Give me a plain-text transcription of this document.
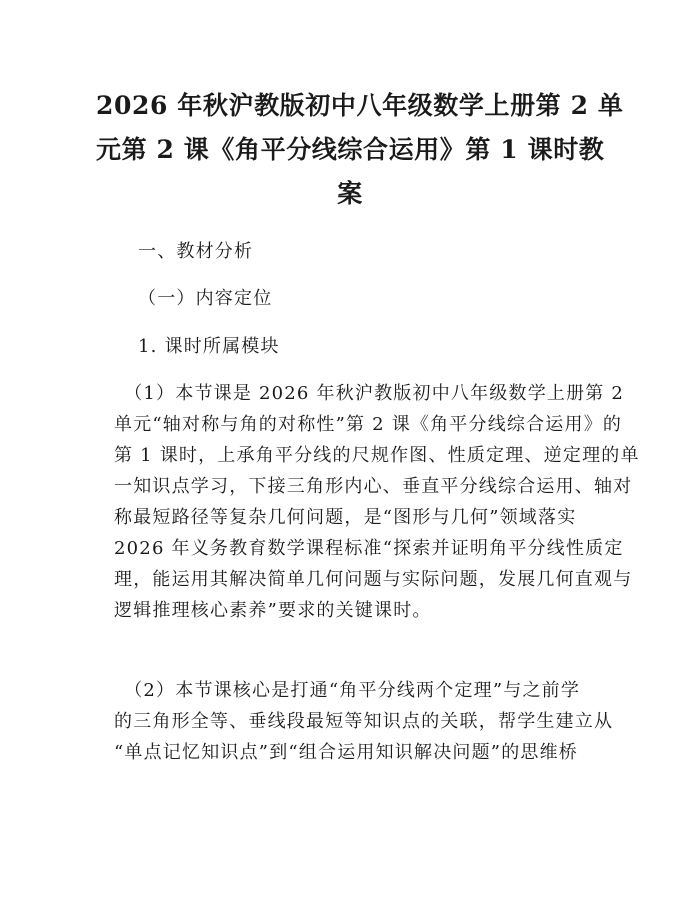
2026 年秋沪教版初中八年级数学上册第 2 单
元第 2 课《角平分线综合运用》第 1 课时教
案

一、教材分析

（一）内容定位

1. 课时所属模块

　（1）本节课是 2026 年秋沪教版初中八年级数学上册第 2
单元“轴对称与角的对称性”第 2 课《角平分线综合运用》的
第 1 课时，上承角平分线的尺规作图、性质定理、逆定理的单
一知识点学习，下接三角形内心、垂直平分线综合运用、轴对
称最短路径等复杂几何问题，是“图形与几何”领域落实
2026 年义务教育数学课程标准“探索并证明角平分线性质定
理，能运用其解决简单几何问题与实际问题，发展几何直观与
逻辑推理核心素养”要求的关键课时。
　（2）本节课核心是打通“角平分线两个定理”与之前学
的三角形全等、垂线段最短等知识点的关联，帮学生建立从
“单点记忆知识点”到“组合运用知识解决问题”的思维桥
